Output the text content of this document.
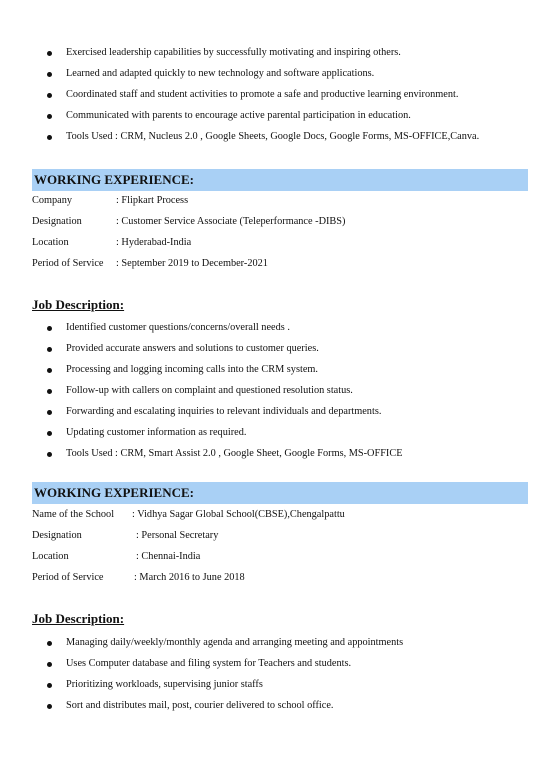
Exercised leadership capabilities by successfully motivating and inspiring others.
Learned and adapted quickly to new technology and software applications.
Coordinated staff and student activities to promote a safe and productive learning environment.
Communicated with parents to encourage active parental participation in education.
Tools Used : CRM, Nucleus 2.0 , Google Sheets, Google Docs, Google Forms, MS-OFFICE,Canva.
WORKING EXPERIENCE:
Company	: Flipkart Process
Designation	: Customer Service Associate (Teleperformance -DIBS)
Location	: Hyderabad-India
Period of Service : September 2019 to December-2021
Job Description:
Identified customer questions/concerns/overall needs .
Provided accurate answers and solutions to customer queries.
Processing and logging incoming calls into the CRM system.
Follow-up with callers on complaint and questioned resolution status.
Forwarding and escalating inquiries to relevant individuals and departments.
Updating customer information as required.
Tools Used : CRM, Smart Assist 2.0 , Google Sheet, Google Forms, MS-OFFICE
WORKING EXPERIENCE:
Name of the School : Vidhya Sagar Global School(CBSE),Chengalpattu
Designation	: Personal Secretary
Location	: Chennai-India
Period of Service	: March 2016 to June 2018
Job Description:
Managing daily/weekly/monthly agenda and arranging meeting and appointments
Uses Computer database and filing system for Teachers and students.
Prioritizing workloads, supervising junior staffs
Sort and distributes mail, post, courier delivered to school office.
